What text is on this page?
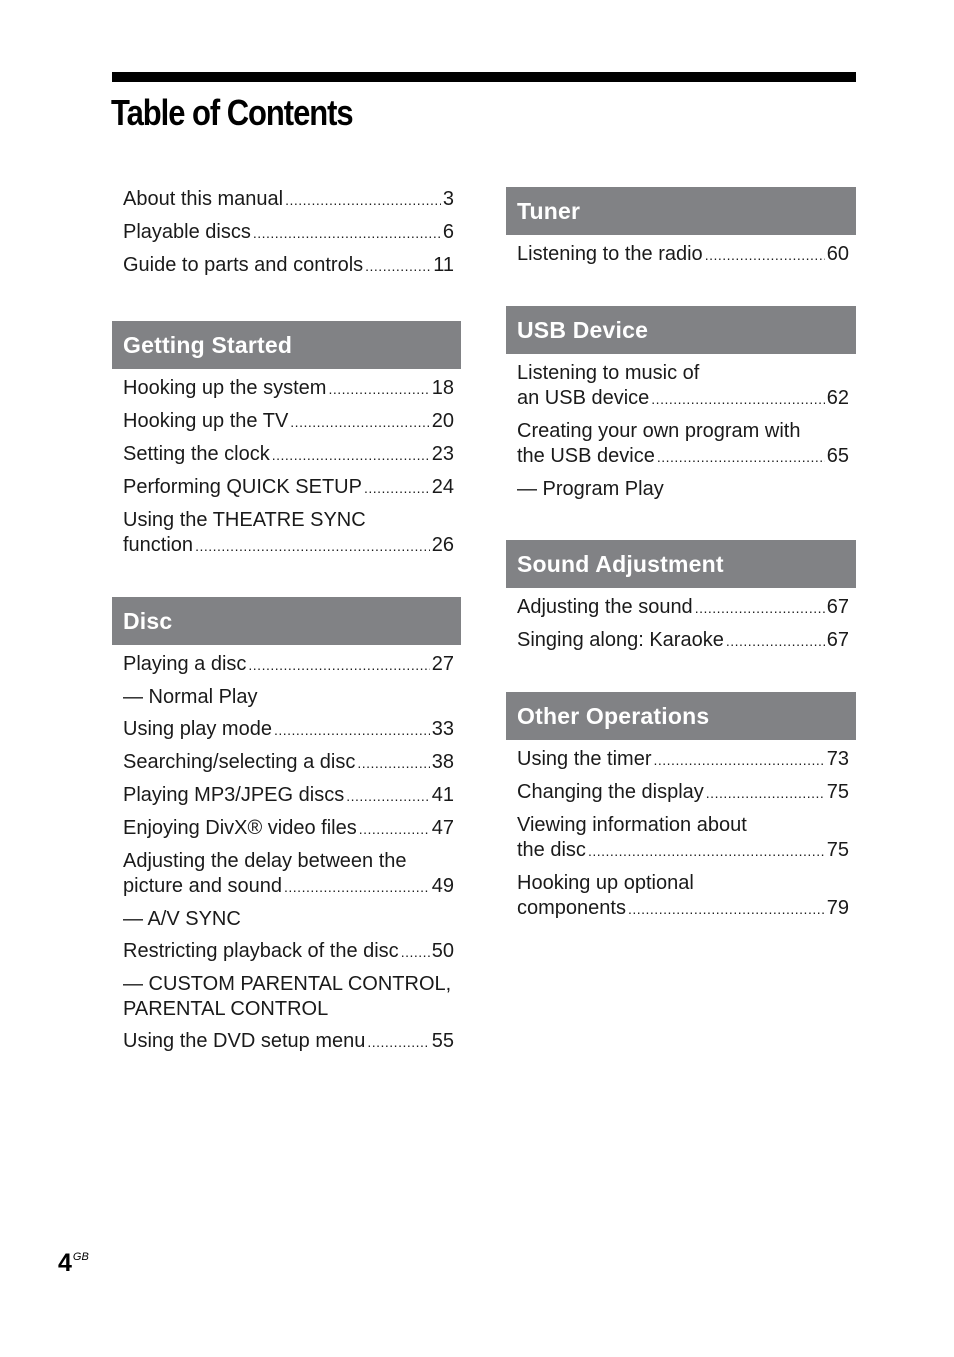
Table of Contents
About this manual .....	3
Playable discs .....	6
Guide to parts and controls .....	11
Getting Started
Hooking up the system .....	18
Hooking up the TV .....	20
Setting the clock .....	23
Performing QUICK SETUP .....	24
Using the THEATRE SYNC
function .....	26
Disc
Playing a disc .....	27
— Normal Play
Using play mode .....	33
Searching/selecting a disc .....	38
Playing MP3/JPEG discs .....	41
Enjoying DivX® video files .....	47
Adjusting the delay between the
picture and sound .....	49
— A/V SYNC
Restricting playback of the disc ..... 50
— CUSTOM PARENTAL CONTROL,
PARENTAL CONTROL
Using the DVD setup menu .....	55
Tuner
Listening to the radio .....	60
USB Device
Listening to music of
an USB device .....	62
Creating your own program with
the USB device .....	65
— Program Play
Sound Adjustment
Adjusting the sound .....	67
Singing along: Karaoke .....	67
Other Operations
Using the timer .....	73
Changing the display .....	75
Viewing information about
the disc .....	75
Hooking up optional
components .....	79
$4^{GB}$
